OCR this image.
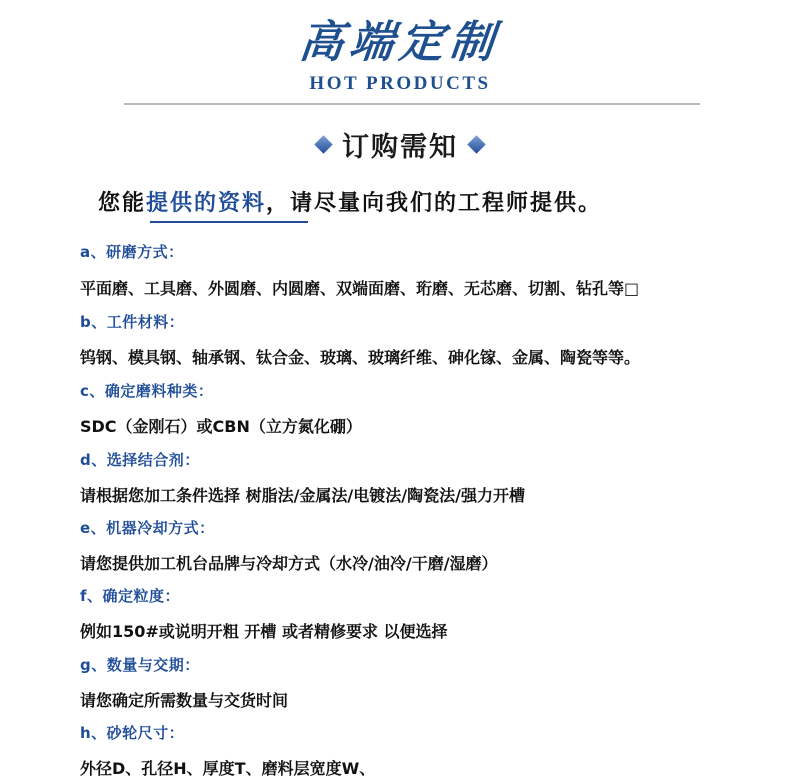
高端定制
HOT PRODUCTS
订购需知
您能提供的资料，请尽量向我们的工程师提供。
a、研磨方式：
平面磨、工具磨、外圆磨、内圆磨、双端面磨、珩磨、无芯磨、切割、钻孔等□
b、工件材料：
钨钢、模具钢、轴承钢、钛合金、玻璃、玻璃纤维、砷化镓、金属、陶瓷等等。
c、确定磨料种类：
SDC（金刚石）或CBN（立方氮化硼）
d、选择结合剂：
请根据您加工条件选择 树脂法/金属法/电镀法/陶瓷法/强力开槽
e、机器冷却方式：
请您提供加工机台品牌与冷却方式（水冷/油冷/干磨/湿磨）
f、确定粒度：
例如150#或说明开粗 开槽 或者精修要求 以便选择
g、数量与交期：
请您确定所需数量与交货时间
h、砂轮尺寸：
外径D、孔径H、厚度T、磨料层宽度W、
